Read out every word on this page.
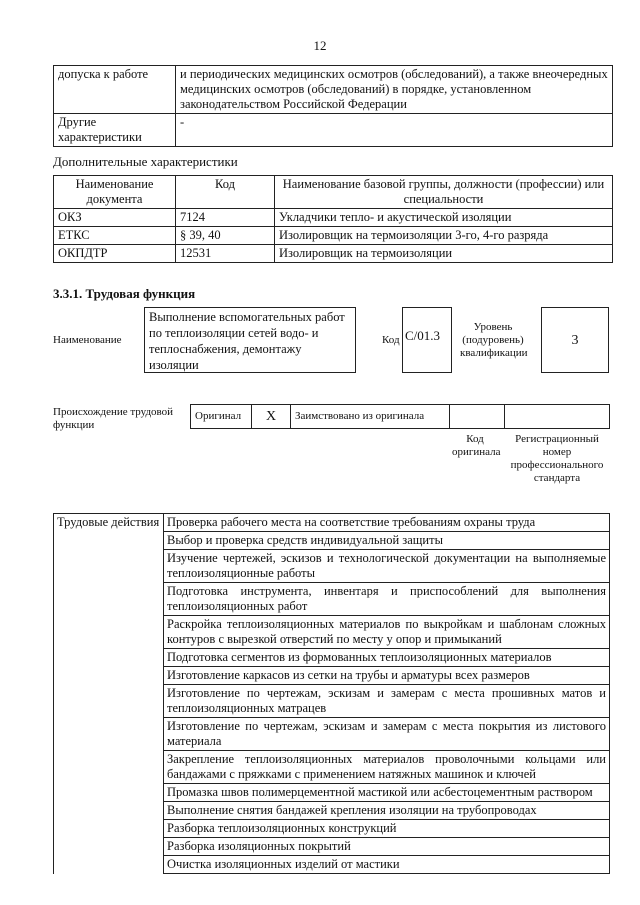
12
допуска к работе	и периодических медицинских осмотров (обследований), а также внеочередных медицинских осмотров (обследований) в порядке, установленном законодательством Российской Федерации
Другие характеристики	-
Дополнительные характеристики
Наименование документа	Код	Наименование базовой группы, должности (профессии) или специальности
ОКЗ	7124	Укладчики тепло- и акустической изоляции
ЕТКС	§ 39, 40	Изолировщик на термоизоляции 3-го, 4-го разряда
ОКПДТР	12531	Изолировщик на термоизоляции
3.3.1. Трудовая функция
Наименование
Выполнение вспомогательных работ по теплоизоляции сетей водо- и теплоснабжения, демонтажу изоляции
Код С/01.3
Уровень (подуровень) квалификации
3
Происхождение трудовой функции
Оригинал	X	Заимствовано из оригинала		
Код оригинала
Регистрационный номер профессионального стандарта
Трудовые действия	Проверка рабочего места на соответствие требованиям охраны труда
Выбор и проверка средств индивидуальной защиты
Изучение чертежей, эскизов и технологической документации на выполняемые теплоизоляционные работы
Подготовка инструмента, инвентаря и приспособлений для выполнения теплоизоляционных работ
Раскройка теплоизоляционных материалов по выкройкам и шаблонам сложных контуров с вырезкой отверстий по месту у опор и примыканий
Подготовка сегментов из формованных теплоизоляционных материалов
Изготовление каркасов из сетки на трубы и арматуры всех размеров
Изготовление по чертежам, эскизам и замерам с места прошивных матов и теплоизоляционных матрацев
Изготовление по чертежам, эскизам и замерам с места покрытия из листового материала
Закрепление теплоизоляционных материалов проволочными кольцами или бандажами с пряжками с применением натяжных машинок и ключей
Промазка швов полимерцементной мастикой или асбестоцементным раствором
Выполнение снятия бандажей крепления изоляции на трубопроводах
Разборка теплоизоляционных конструкций
Разборка изоляционных покрытий
Очистка изоляционных изделий от мастики
